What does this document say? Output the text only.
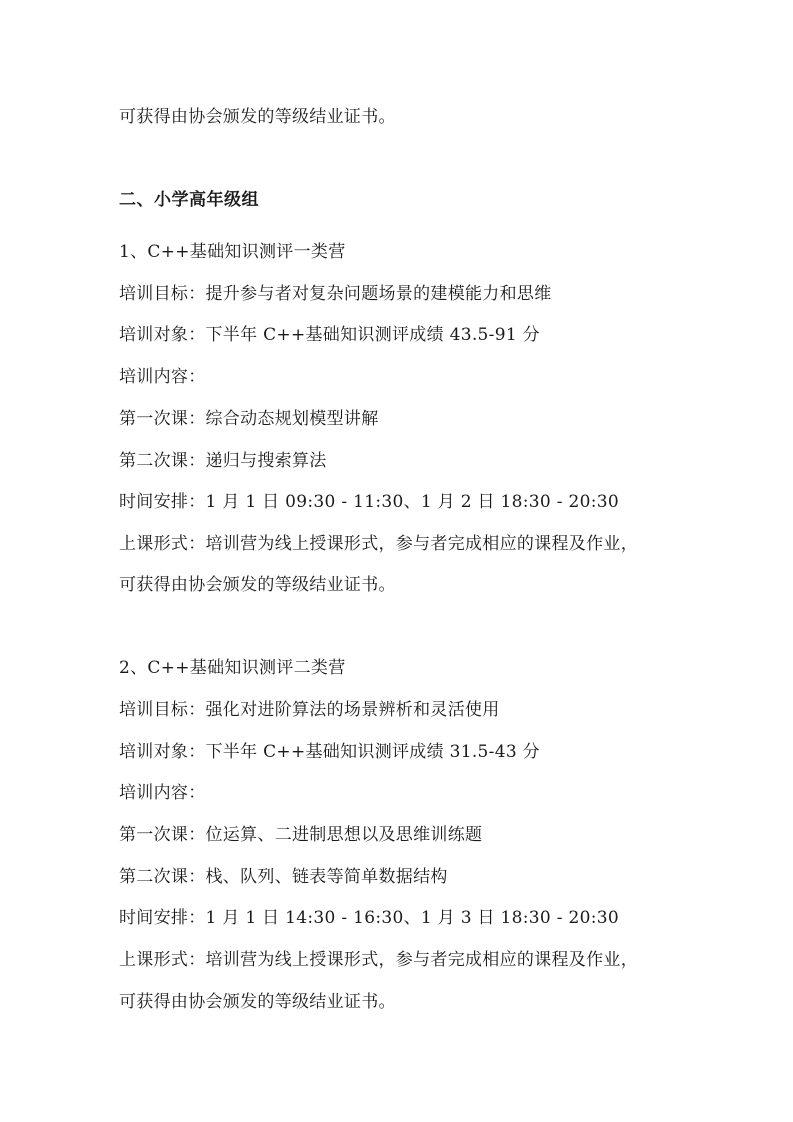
可获得由协会颁发的等级结业证书。
二、小学高年级组
1、C++基础知识测评一类营
培训目标：提升参与者对复杂问题场景的建模能力和思维
培训对象：下半年 C++基础知识测评成绩 43.5-91 分
培训内容：
第一次课：综合动态规划模型讲解
第二次课：递归与搜索算法
时间安排：1 月 1 日 09:30 - 11:30、1 月 2 日 18:30 - 20:30
上课形式：培训营为线上授课形式，参与者完成相应的课程及作业，
可获得由协会颁发的等级结业证书。
2、C++基础知识测评二类营
培训目标：强化对进阶算法的场景辨析和灵活使用
培训对象：下半年 C++基础知识测评成绩 31.5-43 分
培训内容：
第一次课：位运算、二进制思想以及思维训练题
第二次课：栈、队列、链表等简单数据结构
时间安排：1 月 1 日 14:30 - 16:30、1 月 3 日 18:30 - 20:30
上课形式：培训营为线上授课形式，参与者完成相应的课程及作业，
可获得由协会颁发的等级结业证书。
